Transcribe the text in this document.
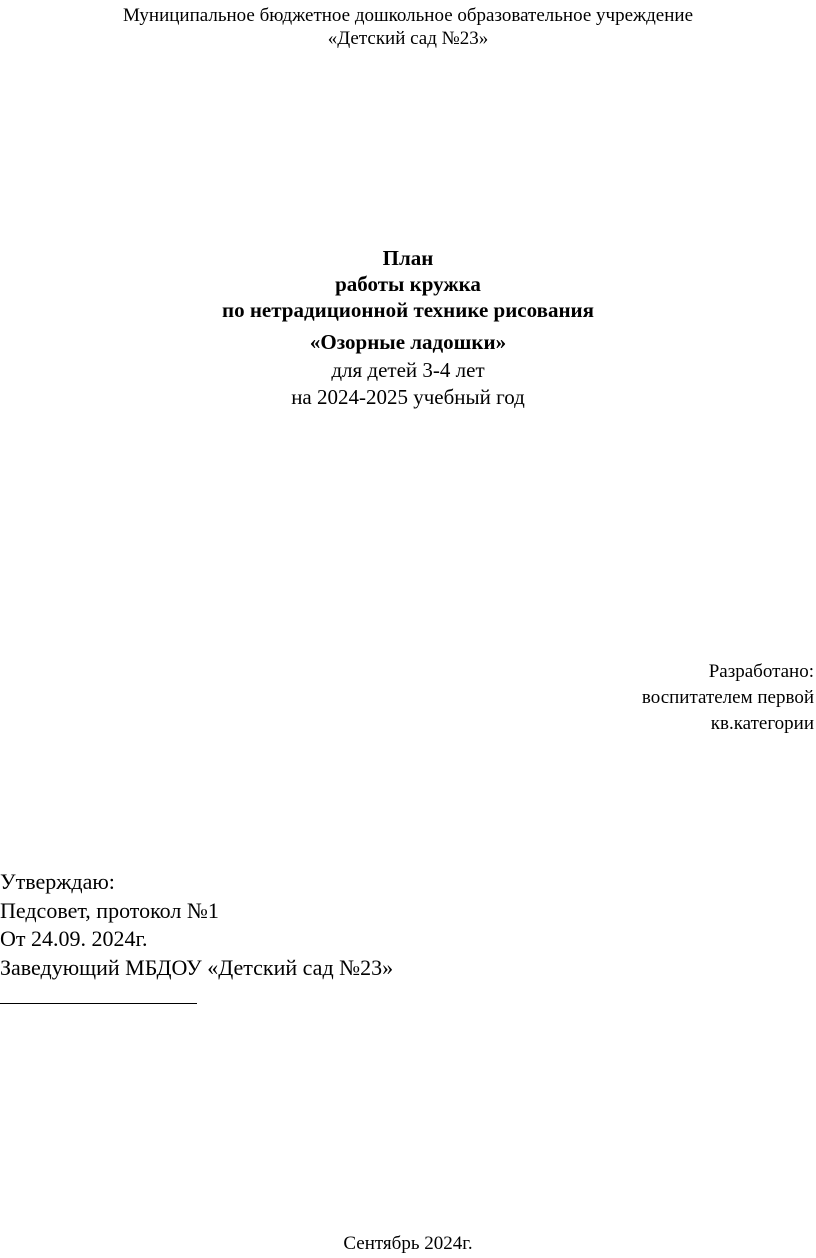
Муниципальное бюджетное дошкольное образовательное учреждение
«Детский сад №23»
План
работы кружка
по нетрадиционной технике рисования
«Озорные ладошки»
для детей 3-4 лет
на 2024-2025 учебный год
Разработано:
воспитателем первой
кв.категории
Утверждаю:
Педсовет, протокол №1
От 24.09. 2024г.
Заведующий МБДОУ «Детский сад №23»
Сентябрь 2024г.
